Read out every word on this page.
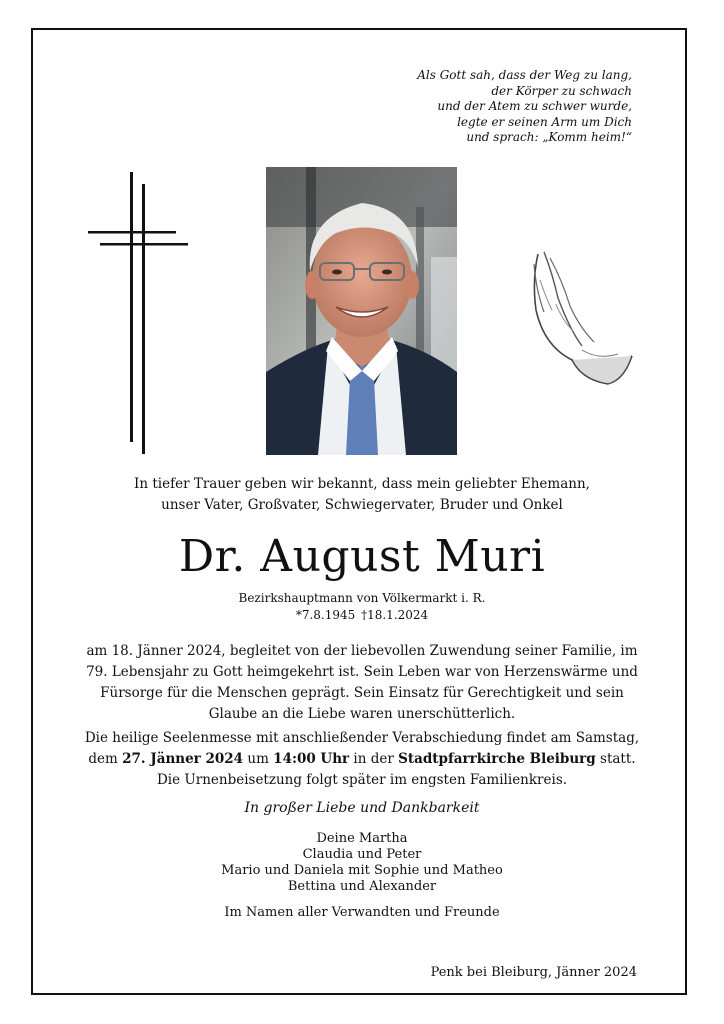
Als Gott sah, dass der Weg zu lang,
der Körper zu schwach
und der Atem zu schwer wurde,
legte er seinen Arm um Dich
und sprach: „Komm heim!“
In tiefer Trauer geben wir bekannt, dass mein geliebter Ehemann,
unser Vater, Großvater, Schwiegervater, Bruder und Onkel
Dr. August Muri
Bezirkshauptmann von Völkermarkt i. R.
*7.8.1945 †18.1.2024
am 18. Jänner 2024, begleitet von der liebevollen Zuwendung seiner Familie, im
79. Lebensjahr zu Gott heimgekehrt ist. Sein Leben war von Herzenswärme und
Fürsorge für die Menschen geprägt. Sein Einsatz für Gerechtigkeit und sein
Glaube an die Liebe waren unerschütterlich.
Die heilige Seelenmesse mit anschließender Verabschiedung findet am Samstag,
dem 27. Jänner 2024 um 14:00 Uhr in der Stadtpfarrkirche Bleiburg statt.
Die Urnenbeisetzung folgt später im engsten Familienkreis.
In großer Liebe und Dankbarkeit
Deine Martha
Claudia und Peter
Mario und Daniela mit Sophie und Matheo
Bettina und Alexander
Im Namen aller Verwandten und Freunde
Penk bei Bleiburg, Jänner 2024
